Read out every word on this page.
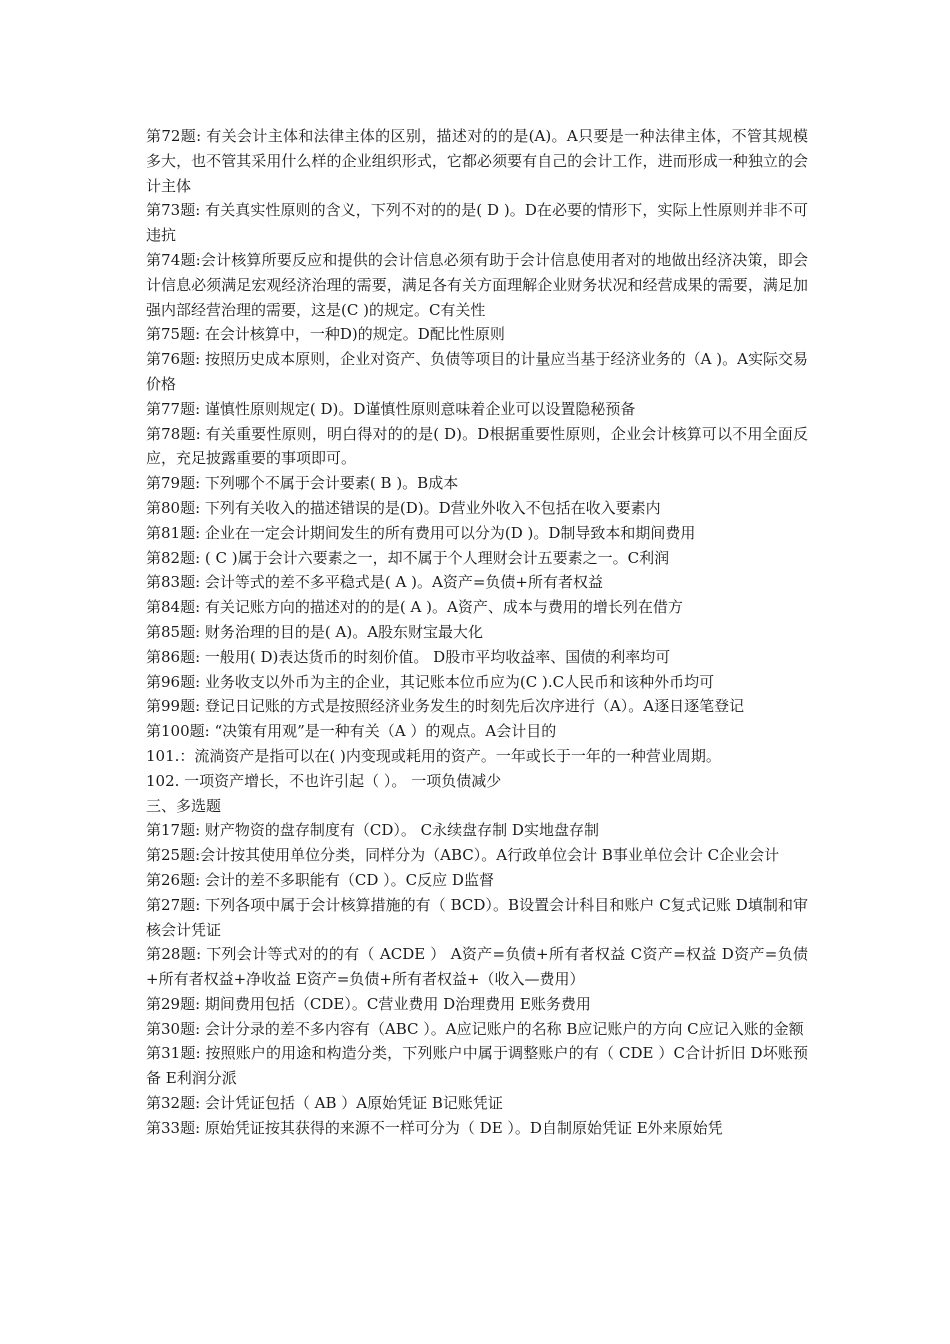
第72题: 有关会计主体和法律主体的区别，描述对的的是(A)。A只要是一种法律主体，不管其规模多大，也不管其采用什么样的企业组织形式，它都必须要有自己的会计工作，进而形成一种独立的会计主体

第73题: 有关真实性原则的含义，下列不对的的是( D )。D在必要的情形下，实际上性原则并非不可违抗

第74题:会计核算所要反应和提供的会计信息必须有助于会计信息使用者对的地做出经济决策，即会计信息必须满足宏观经济治理的需要，满足各有关方面理解企业财务状况和经营成果的需要，满足加强内部经营治理的需要，这是(C )的规定。C有关性

第75题: 在会计核算中，一种D)的规定。D配比性原则

第76题: 按照历史成本原则，企业对资产、负债等项目的计量应当基于经济业务的（A )。A实际交易价格

第77题: 谨慎性原则规定( D)。D谨慎性原则意味着企业可以设置隐秘预备

第78题: 有关重要性原则，明白得对的的是( D)。D根据重要性原则，企业会计核算可以不用全面反应，充足披露重要的事项即可。

第79题: 下列哪个不属于会计要素( B )。B成本

第80题: 下列有关收入的描述错误的是(D)。D营业外收入不包括在收入要素内

第81题: 企业在一定会计期间发生的所有费用可以分为(D )。D制导致本和期间费用

第82题: ( C )属于会计六要素之一，却不属于个人理财会计五要素之一。C利润

第83题: 会计等式的差不多平稳式是( A )。A资产=负债+所有者权益

第84题: 有关记账方向的描述对的的是( A )。A资产、成本与费用的增长列在借方

第85题: 财务治理的目的是( A)。A股东财宝最大化

第86题: 一般用( D)表达货币的时刻价值。 D股市平均收益率、国债的利率均可

第96题: 业务收支以外币为主的企业，其记账本位币应为(C ).C人民币和该种外币均可

第99题: 登记日记账的方式是按照经济业务发生的时刻先后次序进行（A）。A逐日逐笔登记

第100题: “决策有用观”是一种有关（A ）的观点。A会计目的

101.：流淌资产是指可以在( )内变现或耗用的资产。一年或长于一年的一种营业周期。

102. 一项资产增长，不也许引起（ ）。 一项负债减少

三、多选题

第17题: 财产物资的盘存制度有（CD）。 C永续盘存制 D实地盘存制

第25题:会计按其使用单位分类，同样分为（ABC）。A行政单位会计 B事业单位会计 C企业会计

第26题: 会计的差不多职能有（CD ）。C反应 D监督

第27题: 下列各项中属于会计核算措施的有（ BCD）。B设置会计科目和账户 C复式记账 D填制和审核会计凭证

第28题: 下列会计等式对的的有（ ACDE ） A资产=负债+所有者权益 C资产=权益 D资产=负债+所有者权益+净收益 E资产=负债+所有者权益+（收入—费用）

第29题: 期间费用包括（CDE）。C营业费用 D治理费用 E账务费用

第30题: 会计分录的差不多内容有（ABC ）。A应记账户的名称 B应记账户的方向 C应记入账的金额

第31题: 按照账户的用途和构造分类，下列账户中属于调整账户的有（ CDE ）C合计折旧 D坏账预备 E利润分派

第32题: 会计凭证包括（ AB ）A原始凭证 B记账凭证

第33题: 原始凭证按其获得的来源不一样可分为（ DE ）。D自制原始凭证 E外来原始凭
